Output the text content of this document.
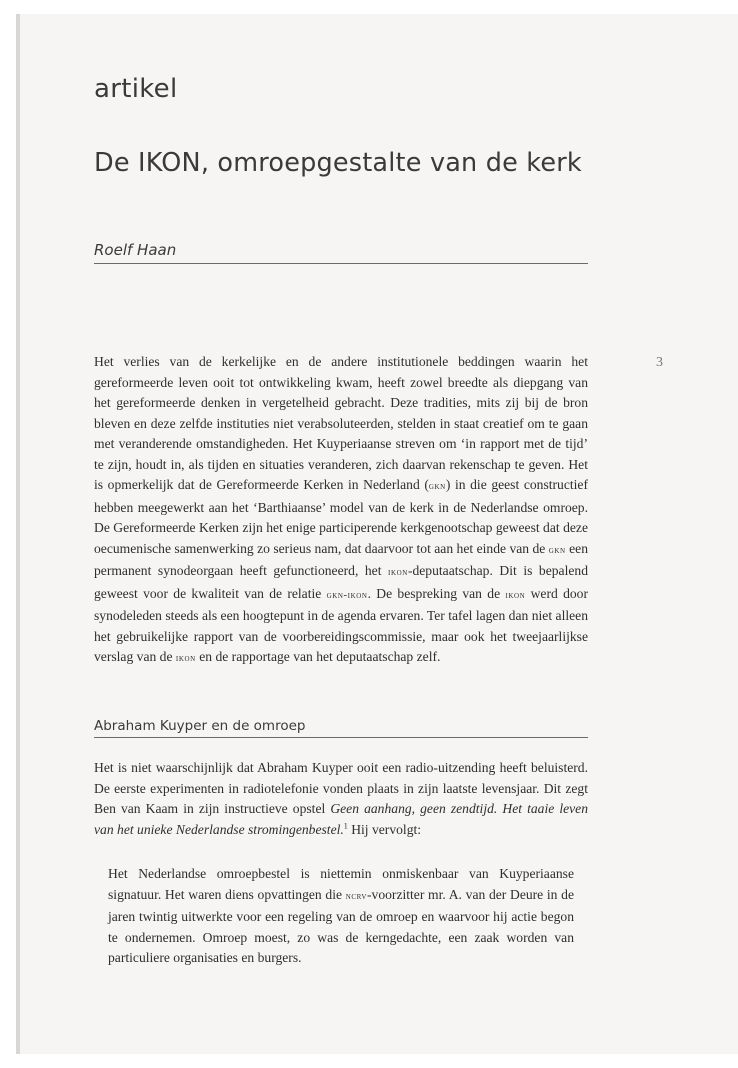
artikel
De IKON, omroepgestalte van de kerk

Roelf Haan

3

Het verlies van de kerkelijke en de andere institutionele beddingen waarin het gereformeerde leven ooit tot ontwikkeling kwam, heeft zowel breedte als diepgang van het gereformeerde denken in vergetelheid gebracht. Deze tradities, mits zij bij de bron bleven en deze zelfde instituties niet verabsoluteerden, stelden in staat creatief om te gaan met veranderende omstandigheden. Het Kuyperiaanse streven om ‘in rapport met de tijd’ te zijn, houdt in, als tijden en situaties veranderen, zich daarvan rekenschap te geven. Het is opmerkelijk dat de Gereformeerde Kerken in Nederland (gkn) in die geest constructief hebben meegewerkt aan het ‘Barthiaanse’ model van de kerk in de Nederlandse omroep. De Gereformeerde Kerken zijn het enige participerende kerkgenootschap geweest dat deze oecumenische samenwerking zo serieus nam, dat daarvoor tot aan het einde van de gkn een permanent synodeorgaan heeft gefunctioneerd, het ikon-deputaatschap. Dit is bepalend geweest voor de kwaliteit van de relatie gkn-ikon. De bespreking van de ikon werd door synodeleden steeds als een hoogtepunt in de agenda ervaren. Ter tafel lagen dan niet alleen het gebruikelijke rapport van de voorbereidingscommissie, maar ook het tweejaarlijkse verslag van de ikon en de rapportage van het deputaatschap zelf.

Abraham Kuyper en de omroep

Het is niet waarschijnlijk dat Abraham Kuyper ooit een radio-uitzending heeft beluisterd. De eerste experimenten in radiotelefonie vonden plaats in zijn laatste levensjaar. Dit zegt Ben van Kaam in zijn instructieve opstel Geen aanhang, geen zendtijd. Het taaie leven van het unieke Nederlandse stromingenbestel.$^1$ Hij vervolgt:

Het Nederlandse omroepbestel is niettemin onmiskenbaar van Kuyperiaanse signatuur. Het waren diens opvattingen die ncrv-voorzitter mr. A. van der Deure in de jaren twintig uitwerkte voor een regeling van de omroep en waarvoor hij actie begon te ondernemen. Omroep moest, zo was de kerngedachte, een zaak worden van particuliere organisaties en burgers.
